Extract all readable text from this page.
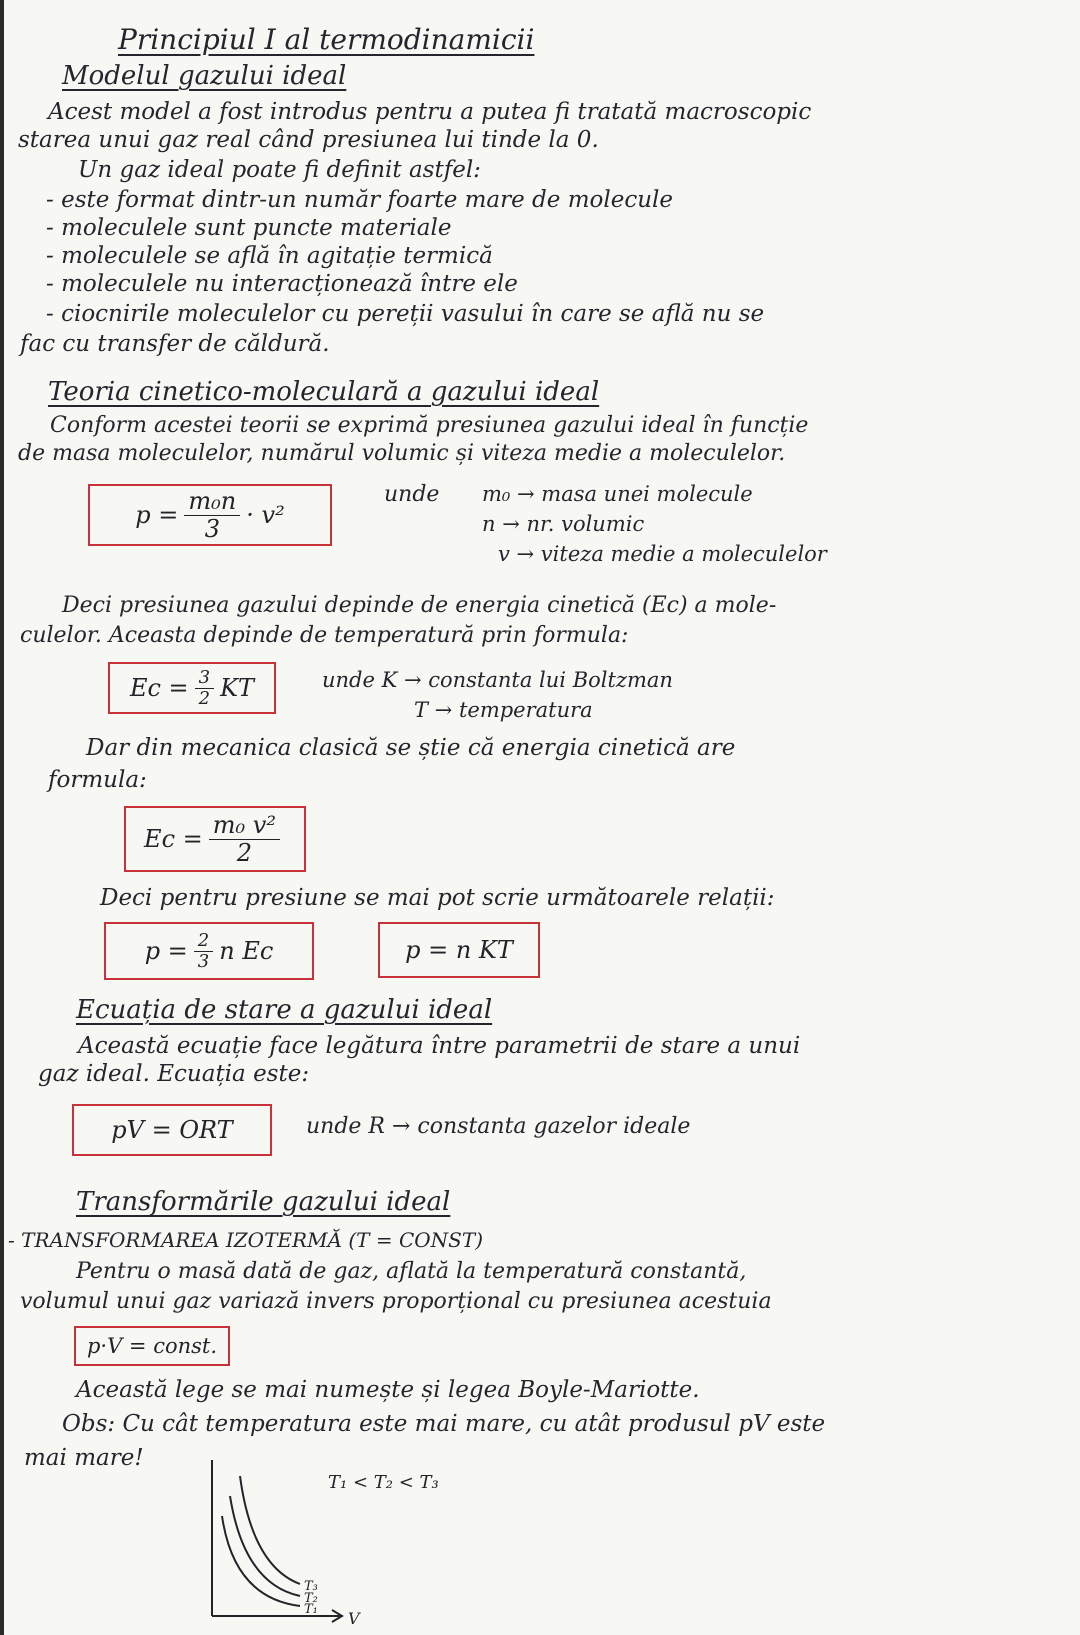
Principiul I al termodinamicii
Modelul gazului ideal
Acest model a fost introdus pentru a putea fi tratată macroscopic
starea unui gaz real când presiunea lui tinde la 0.
Un gaz ideal poate fi definit astfel:
- este format dintr-un număr foarte mare de molecule
- moleculele sunt puncte materiale
- moleculele se află în agitație termică
- moleculele nu interacționează între ele
- ciocnirile moleculelor cu pereții vasului în care se află nu se
fac cu transfer de căldură.
Teoria cinetico-moleculară a gazului ideal
Conform acestei teorii se exprimă presiunea gazului ideal în funcție
de masa moleculelor, numărul volumic și viteza medie a moleculelor.
$p = \frac{\text{m₀n}}{3} \cdot v^2$
unde m₀ → masa unei molecule
n → nr. volumic
v → viteza medie a moleculelor
Deci presiunea gazului depinde de energia cinetică (Ec) a mole-
culelor. Aceasta depinde de temperatură prin formula:
$Ec = \frac{3}{2}$ KT	unde K → constanta lui Boltzman
T → temperatura
Dar din mecanica clasică se știe că energia cinetică are
formula:
$Ec = \frac{\text{m₀ v²}}{2}$
Deci pentru presiune se mai pot scrie următoarele relații:
$p = \frac{2}{3}$ n Ec	p = n KT
Ecuația de stare a gazului ideal
Această ecuație face legătura între parametrii de stare a unui
gaz ideal. Ecuația este:
pV = ORT	unde R → constanta gazelor ideale
Transformările gazului ideal
- TRANSFORMAREA IZOTERMĂ (T = CONST)
Pentru o masă dată de gaz, aflată la temperatură constantă,
volumul unui gaz variază invers proporțional cu presiunea acestuia
p·V = const.
Această lege se mai numește și legea Boyle-Mariotte.
Obs: Cu cât temperatura este mai mare, cu atât produsul pV este
mai mare!
T₃
T₂
T₁ V
T₁ < T₂ < T₃
